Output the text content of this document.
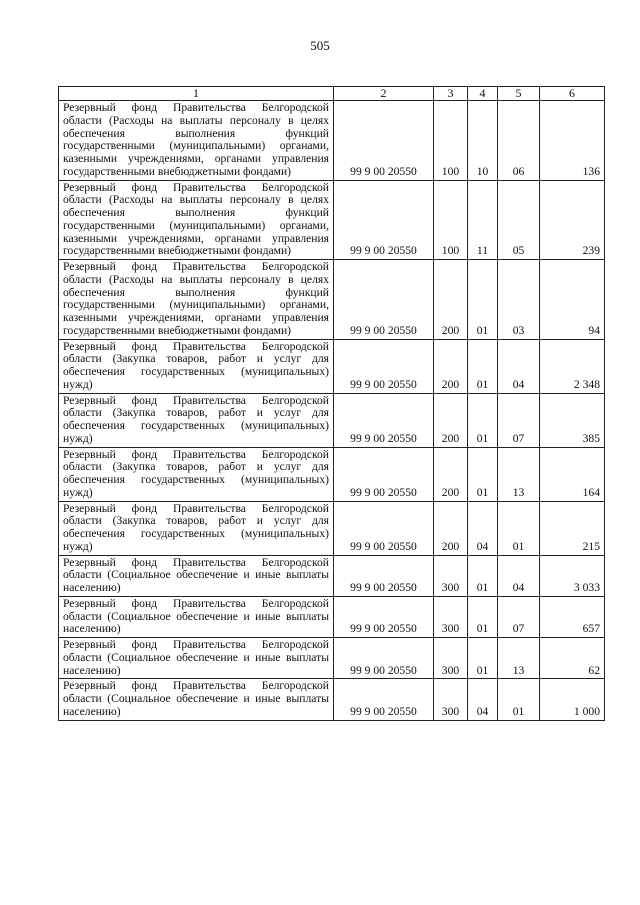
505
1	2	3	4	5	6
Резервный фонд Правительства Белгородской области (Расходы на выплаты персоналу в целях обеспечения выполнения функций государственными (муниципальными) органами, казенными учреждениями, органами управления государственными внебюджетными фондами)	99 9 00 20550	100	10	06	136
Резервный фонд Правительства Белгородской области (Расходы на выплаты персоналу в целях обеспечения выполнения функций государственными (муниципальными) органами, казенными учреждениями, органами управления государственными внебюджетными фондами)	99 9 00 20550	100	11	05	239
Резервный фонд Правительства Белгородской области (Расходы на выплаты персоналу в целях обеспечения выполнения функций государственными (муниципальными) органами, казенными учреждениями, органами управления государственными внебюджетными фондами)	99 9 00 20550	200	01	03	94
Резервный фонд Правительства Белгородской области (Закупка товаров, работ и услуг для обеспечения государственных (муниципальных) нужд)	99 9 00 20550	200	01	04	2 348
Резервный фонд Правительства Белгородской области (Закупка товаров, работ и услуг для обеспечения государственных (муниципальных) нужд)	99 9 00 20550	200	01	07	385
Резервный фонд Правительства Белгородской области (Закупка товаров, работ и услуг для обеспечения государственных (муниципальных) нужд)	99 9 00 20550	200	01	13	164
Резервный фонд Правительства Белгородской области (Закупка товаров, работ и услуг для обеспечения государственных (муниципальных) нужд)	99 9 00 20550	200	04	01	215
Резервный фонд Правительства Белгородской области (Социальное обеспечение и иные выплаты населению)	99 9 00 20550	300	01	04	3 033
Резервный фонд Правительства Белгородской области (Социальное обеспечение и иные выплаты населению)	99 9 00 20550	300	01	07	657
Резервный фонд Правительства Белгородской области (Социальное обеспечение и иные выплаты населению)	99 9 00 20550	300	01	13	62
Резервный фонд Правительства Белгородской области (Социальное обеспечение и иные выплаты населению)	99 9 00 20550	300	04	01	1 000
